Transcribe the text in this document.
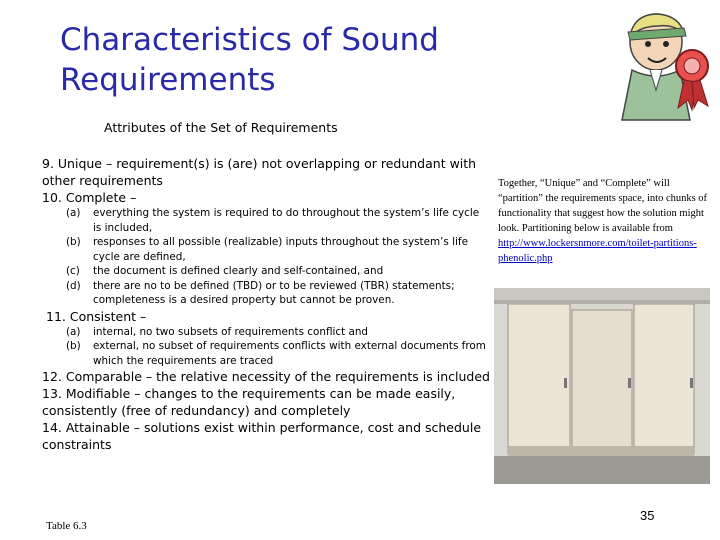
Characteristics of Sound Requirements
Attributes of the Set of Requirements

9. Unique – requirement(s) is (are) not overlapping or redundant with other requirements

10. Complete –

(a) everything the system is required to do throughout the system’s life cycle is included,
(b) responses to all possible (realizable) inputs throughout the system’s life cycle are defined,
(c) the document is defined clearly and self-contained, and
(d) there are no to be defined (TBD) or to be reviewed (TBR) statements; completeness is a desired property but cannot be proven.

11. Consistent –

(a) internal, no two subsets of requirements conflict and
(b) external, no subset of requirements conflicts with external documents from which the requirements are traced

12. Comparable – the relative necessity of the requirements is included

13. Modifiable – changes to the requirements can be made easily, consistently (free of redundancy) and completely

14. Attainable – solutions exist within performance, cost and schedule constraints

Together, “Unique” and “Complete” will “partition” the requirements space, into chunks of functionality that suggest how the solution might look. Partitioning below is available from http://www.lockersnmore.com/toilet-partitions-phenolic.php
Table 6.3
35
